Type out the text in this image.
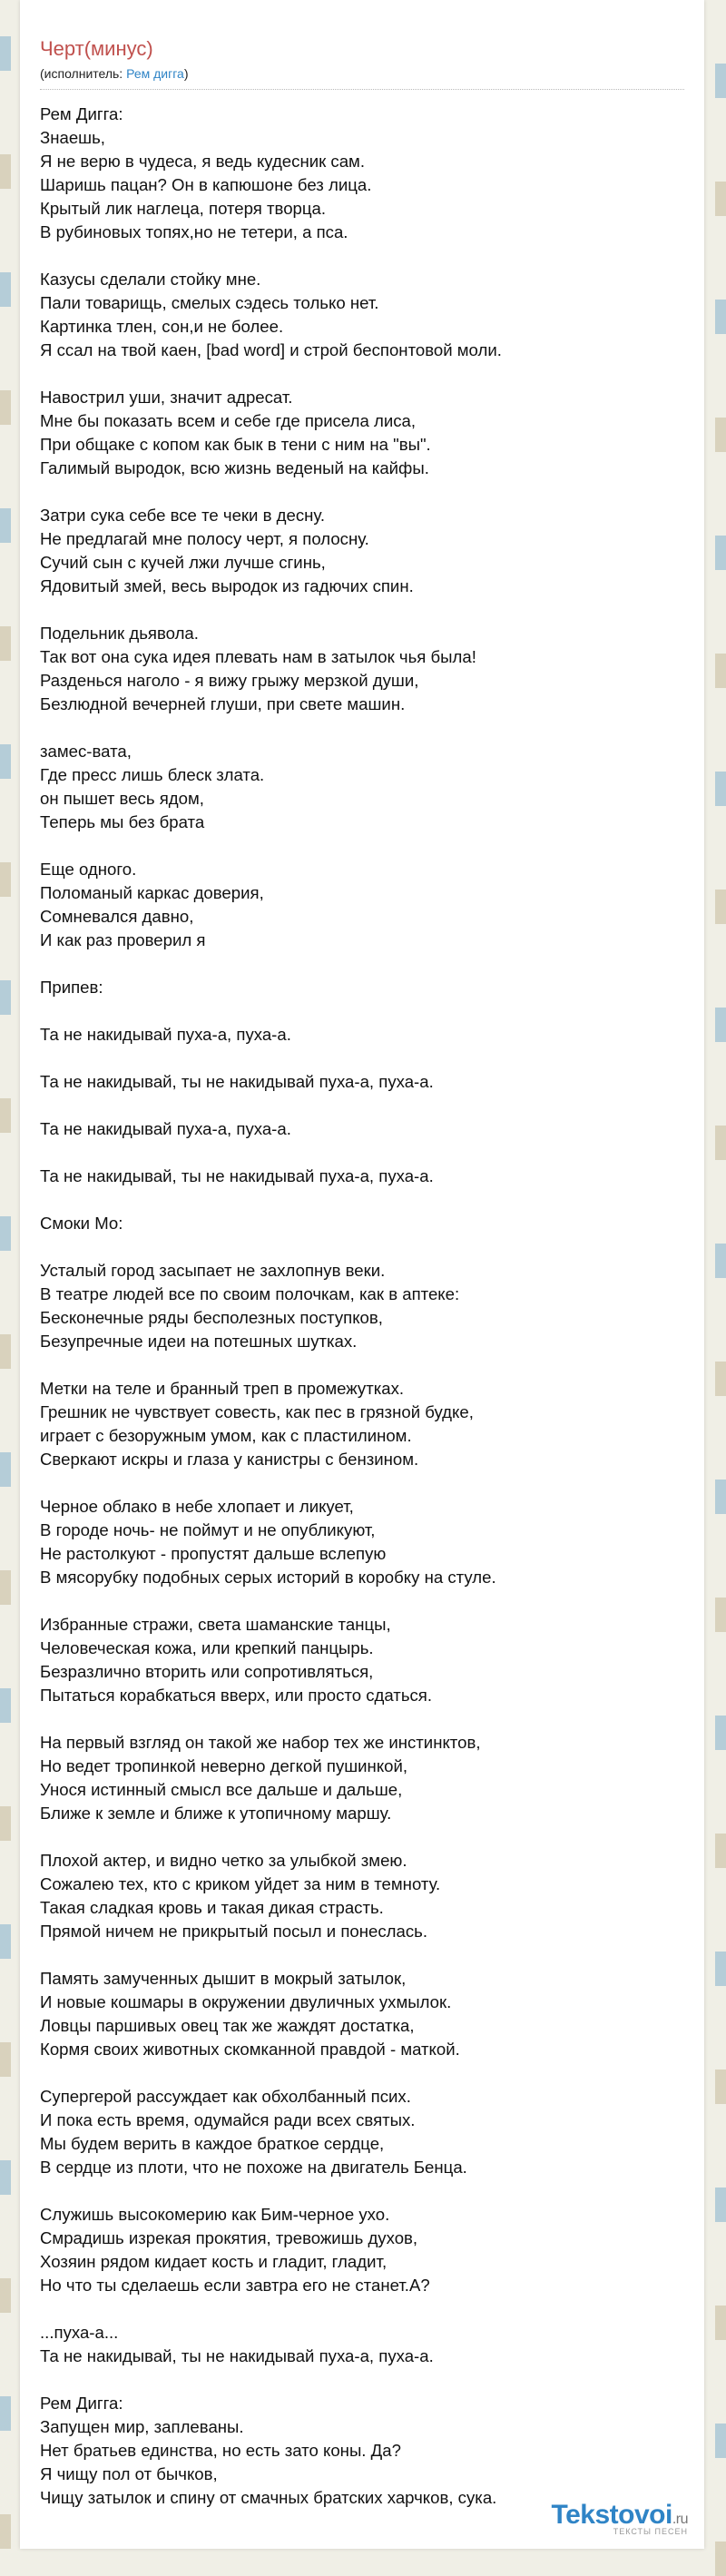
Черт(минус)
(исполнитель: Рем дигга)
Рем Дигга:
Знаешь,
Я не верю в чудеса, я ведь кудесник сам.
Шаришь пацан? Он в капюшоне без лица.
Крытый лик наглеца, потеря творца.
В рубиновых топях,но не тетери, а пса.
Казусы сделали стойку мне.
Пали товарищь, смелых сэдесь только нет.
Картинка тлен, сон,и не более.
Я ссал на твой каен, [bad word] и строй беспонтовой моли.
Навострил уши, значит адресат.
Мне бы показать всем и себе где присела лиса,
При общаке с копом как бык в тени с ним на "вы".
Галимый выродок, всю жизнь веденый на кайфы.
Затри сука себе все те чеки в десну.
Не предлагай мне полосу черт, я полосну.
Сучий сын с кучей лжи лучше сгинь,
Ядовитый змей, весь выродок из гадючих спин.
Подельник дьявола.
Так вот она сука идея плевать нам в затылок чья была!
Разденься наголо - я вижу грыжу мерзкой души,
Безлюдной вечерней глуши, при свете машин.
замес-вата,
Где пресс лишь блеск злата.
он пышет весь ядом,
Теперь мы без брата
Еще одного.
Поломаный каркас доверия,
Сомневался давно,
И как раз проверил я
Припев:
Та не накидывай пуха-а, пуха-а.
Та не накидывай, ты не накидывай пуха-а, пуха-а.
Та не накидывай пуха-а, пуха-а.
Та не накидывай, ты не накидывай пуха-а, пуха-а.
Смоки Мо:
Усталый город засыпает не захлопнув веки.
В театре людей все по своим полочкам, как в аптеке:
Бесконечные ряды бесполезных поступков,
Безупречные идеи на потешных шутках.
Метки на теле и бранный треп в промежутках.
Грешник не чувствует совесть, как пес в грязной будке,
играет с безоружным умом, как с пластилином.
Сверкают искры и глаза у канистры с бензином.
Черное облако в небе хлопает и ликует,
В городе ночь- не поймут и не опубликуют,
Не растолкуют - пропустят дальше вслепую
В мясорубку подобных серых историй в коробку на стуле.
Избранные стражи, света шаманские танцы,
Человеческая кожа, или крепкий панцырь.
Безразлично вторить или сопротивляться,
Пытаться корабкаться вверх, или просто сдаться.
На первый взгляд он такой же набор тех же инстинктов,
Но ведет тропинкой неверно дегкой пушинкой,
Унося истинный смысл все дальше и дальше,
Ближе к земле и ближе к утопичному маршу.
Плохой актер, и видно четко за улыбкой змею.
Сожалею тех, кто с криком уйдет за ним в темноту.
Такая сладкая кровь и такая дикая страсть.
Прямой ничем не прикрытый посыл и понеслась.
Память замученных дышит в мокрый затылок,
И новые кошмары в окружении двуличных ухмылок.
Ловцы паршивых овец так же жаждят достатка,
Кормя своих животных скомканной правдой - маткой.
Супергерой рассуждает как обхолбанный псих.
И пока есть время, одумайся ради всех святых.
Мы будем верить в каждое браткое сердце,
В сердце из плоти, что не похоже на двигатель Бенца.
Служишь высокомерию как Бим-черное ухо.
Смрадишь изрекая прокятия, тревожишь духов,
Хозяин рядом кидает кость и гладит, гладит,
Но что ты сделаешь если завтра его не станет.А?
...пуха-а...
Та не накидывай, ты не накидывай пуха-а, пуха-а.
Рем Дигга:
Запущен мир, заплеваны.
Нет братьев единства, но есть зато коны. Да?
Я чищу пол от бычков,
Чищу затылок и спину от смачных братских харчков, сука.
Tekstovoi.ru
ТЕКСТЫ ПЕСЕН
